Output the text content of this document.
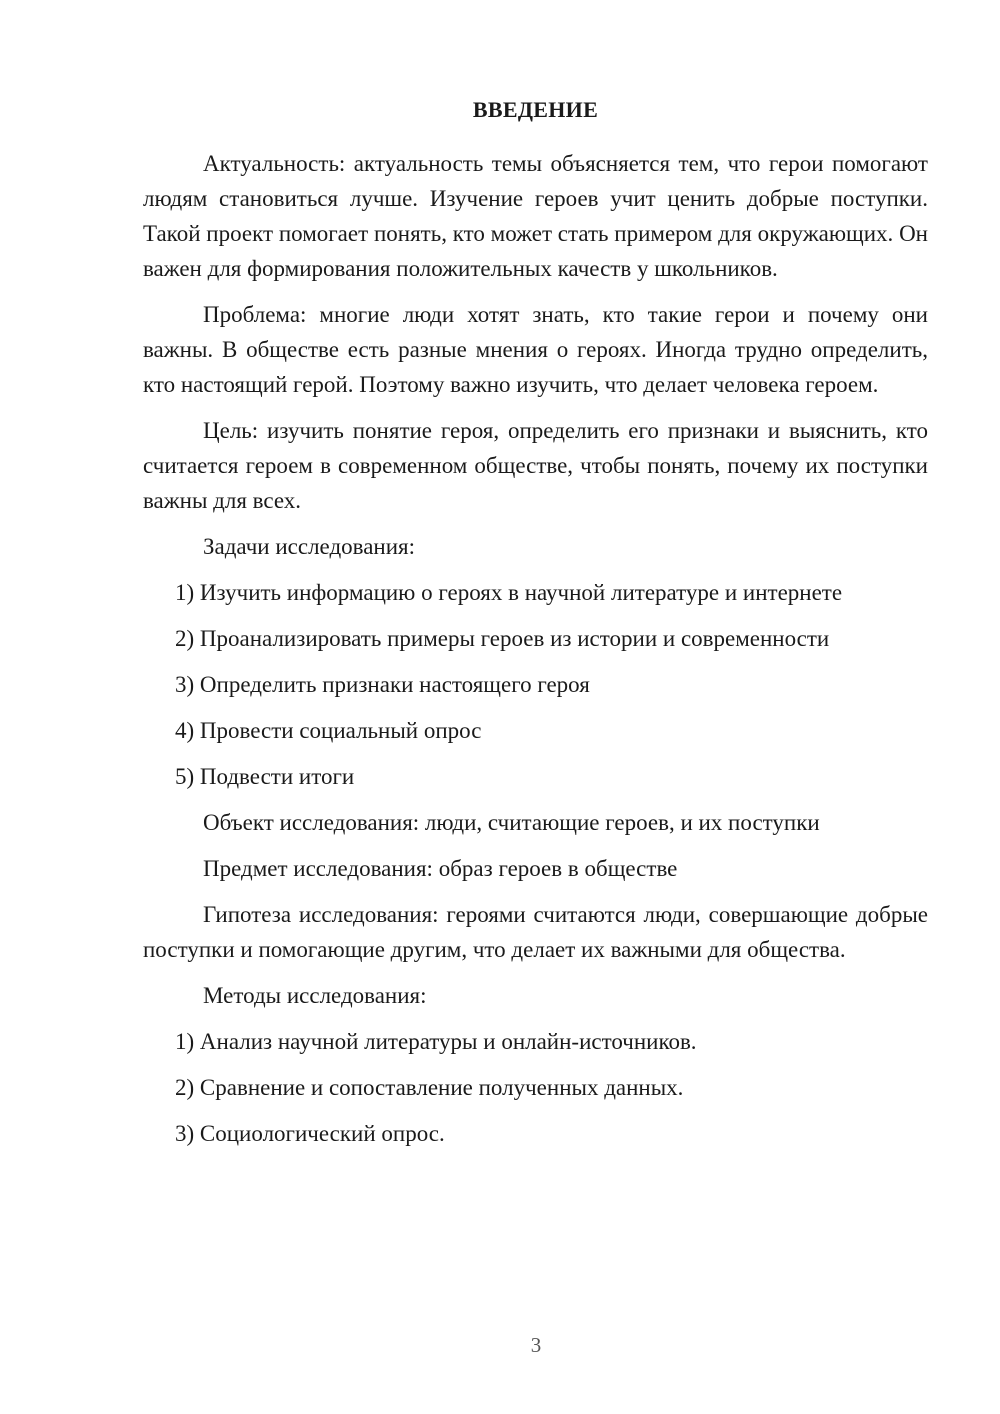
ВВЕДЕНИЕ

Актуальность: актуальность темы объясняется тем, что герои помогают людям становиться лучше. Изучение героев учит ценить добрые поступки. Такой проект помогает понять, кто может стать примером для окружающих. Он важен для формирования положительных качеств у школьников.

Проблема: многие люди хотят знать, кто такие герои и почему они важны. В обществе есть разные мнения о героях. Иногда трудно определить, кто настоящий герой. Поэтому важно изучить, что делает человека героем.

Цель: изучить понятие героя, определить его признаки и выяснить, кто считается героем в современном обществе, чтобы понять, почему их поступки важны для всех.

Задачи исследования:
1) Изучить информацию о героях в научной литературе и интернете
2) Проанализировать примеры героев из истории и современности
3) Определить признаки настоящего героя
4) Провести социальный опрос
5) Подвести итоги
Объект исследования: люди, считающие героев, и их поступки
Предмет исследования: образ героев в обществе

Гипотеза исследования: героями считаются люди, совершающие добрые поступки и помогающие другим, что делает их важными для общества.

Методы исследования:
1) Анализ научной литературы и онлайн-источников.
2) Сравнение и сопоставление полученных данных.
3) Социологический опрос.
3
